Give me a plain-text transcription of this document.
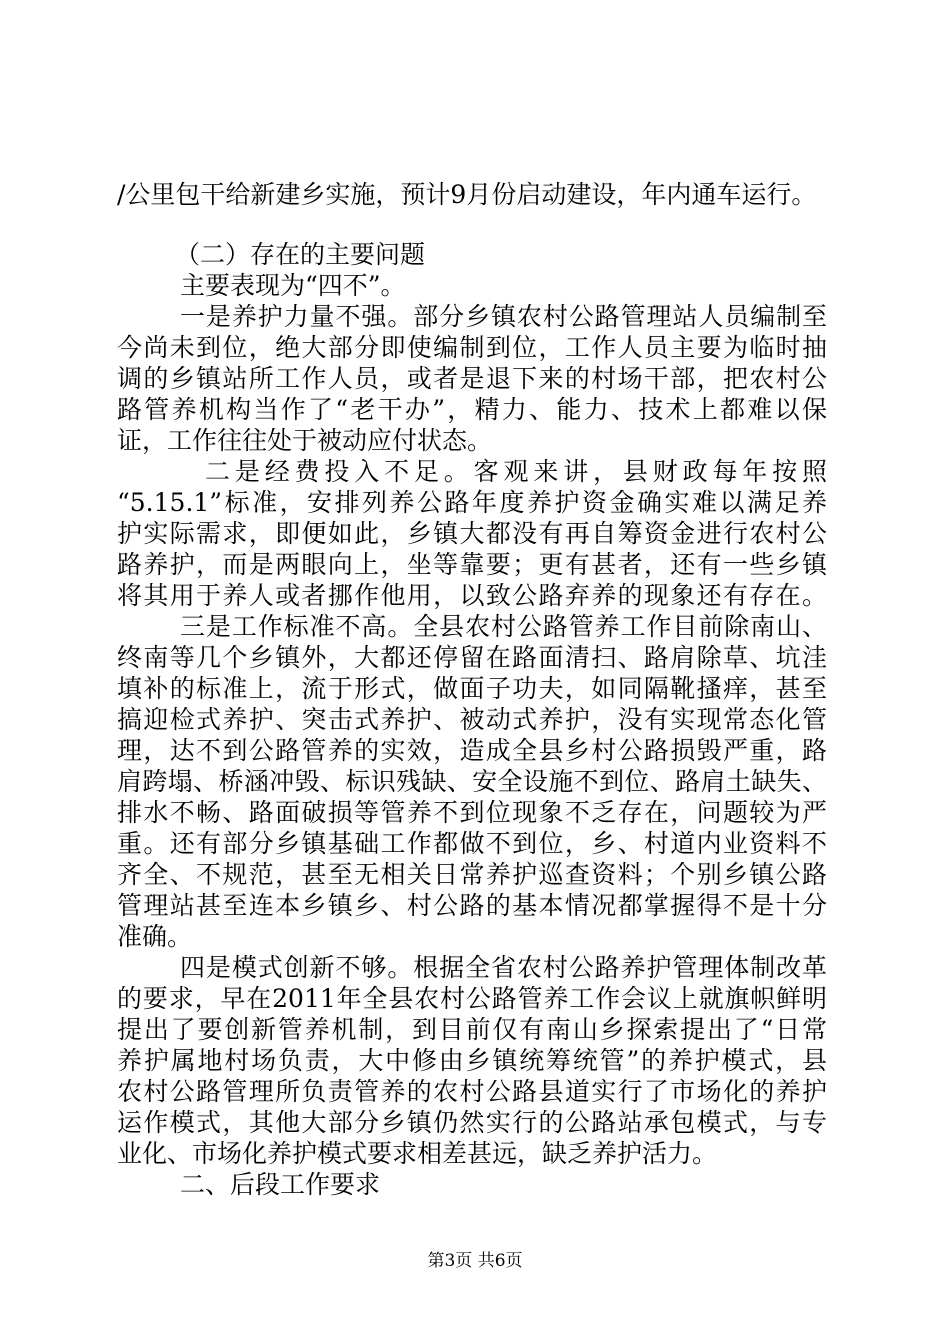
/公里包干给新建乡实施，预计9月份启动建设，年内通车运行。
（二）存在的主要问题
主要表现为“四不”。
一是养护力量不强。部分乡镇农村公路管理站人员编制至
今尚未到位，绝大部分即使编制到位，工作人员主要为临时抽
调的乡镇站所工作人员，或者是退下来的村场干部，把农村公
路管养机构当作了“老干办”，精力、能力、技术上都难以保
证，工作往往处于被动应付状态。
二是经费投入不足。客观来讲，县财政每年按照
“5.15.1”标准，安排列养公路年度养护资金确实难以满足养
护实际需求，即便如此，乡镇大都没有再自筹资金进行农村公
路养护，而是两眼向上，坐等靠要；更有甚者，还有一些乡镇
将其用于养人或者挪作他用，以致公路弃养的现象还有存在。
三是工作标准不高。全县农村公路管养工作目前除南山、
终南等几个乡镇外，大都还停留在路面清扫、路肩除草、坑洼
填补的标准上，流于形式，做面子功夫，如同隔靴搔痒，甚至
搞迎检式养护、突击式养护、被动式养护，没有实现常态化管
理，达不到公路管养的实效，造成全县乡村公路损毁严重，路
肩跨塌、桥涵冲毁、标识残缺、安全设施不到位、路肩土缺失、
排水不畅、路面破损等管养不到位现象不乏存在，问题较为严
重。还有部分乡镇基础工作都做不到位，乡、村道内业资料不
齐全、不规范，甚至无相关日常养护巡查资料；个别乡镇公路
管理站甚至连本乡镇乡、村公路的基本情况都掌握得不是十分
准确。
四是模式创新不够。根据全省农村公路养护管理体制改革
的要求，早在2011年全县农村公路管养工作会议上就旗帜鲜明
提出了要创新管养机制，到目前仅有南山乡探索提出了“日常
养护属地村场负责，大中修由乡镇统筹统管”的养护模式，县
农村公路管理所负责管养的农村公路县道实行了市场化的养护
运作模式，其他大部分乡镇仍然实行的公路站承包模式，与专
业化、市场化养护模式要求相差甚远，缺乏养护活力。
二、后段工作要求
第3页 共6页
